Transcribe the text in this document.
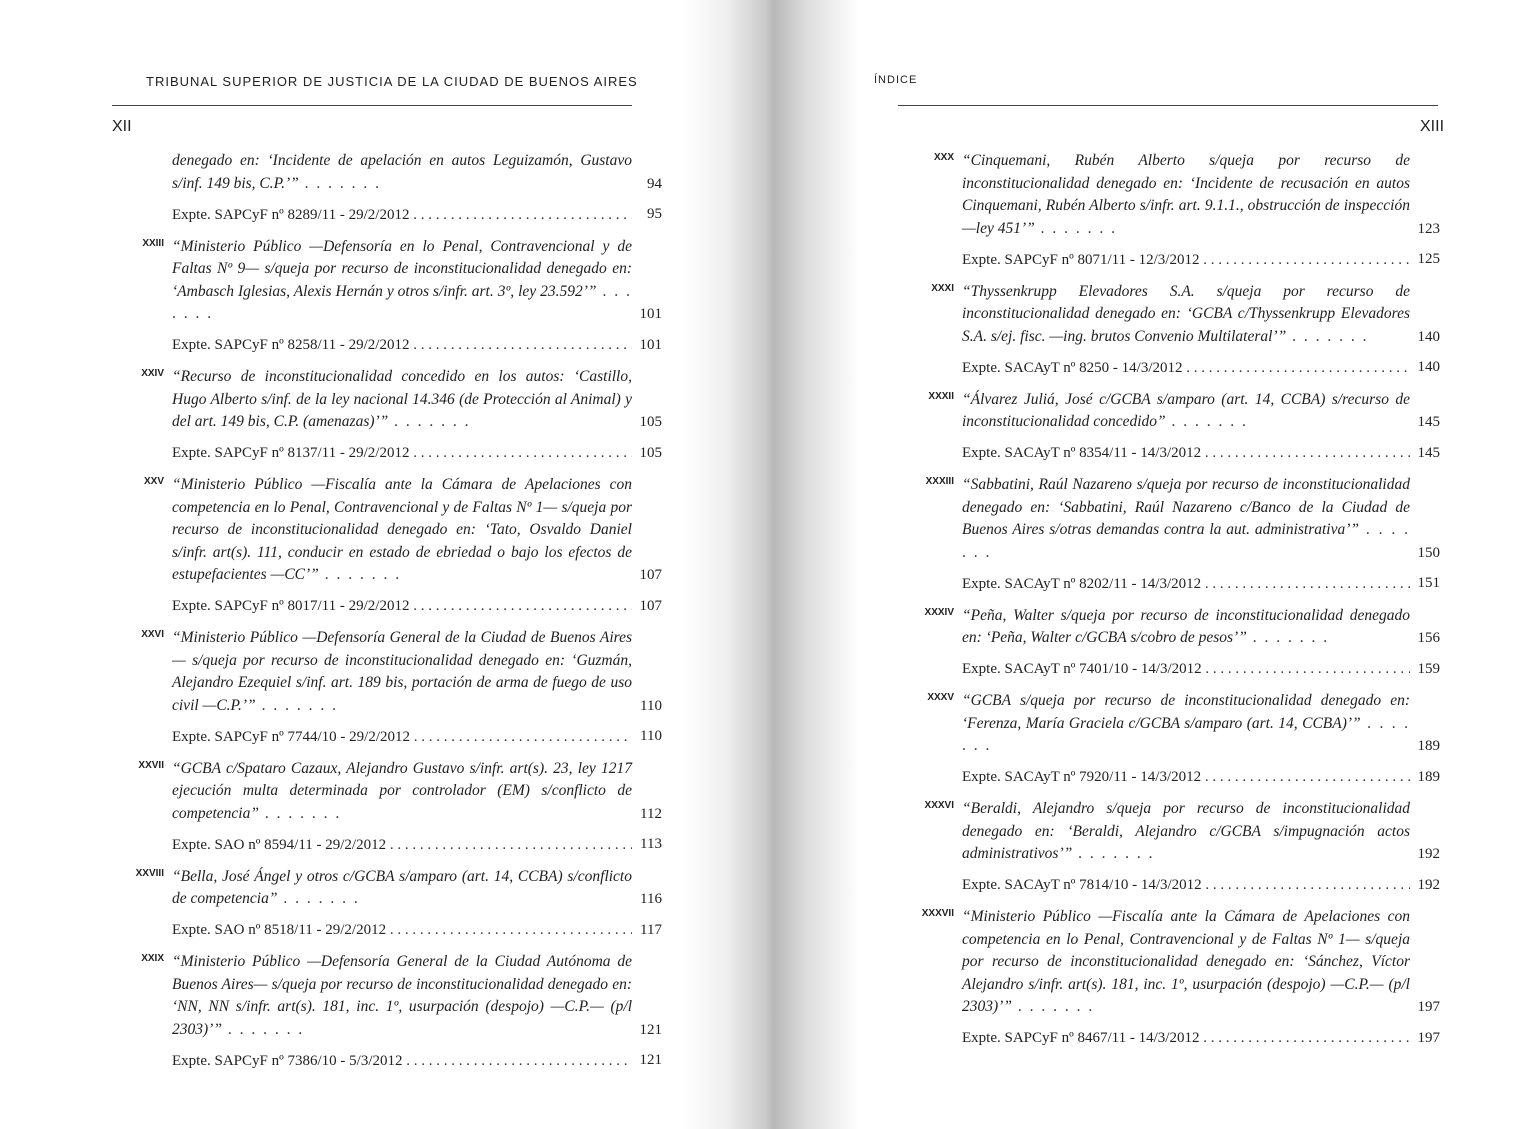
TRIBUNAL SUPERIOR DE JUSTICIA DE LA CIUDAD DE BUENOS AIRES
XII
denegado en: ‘Incidente de apelación en autos Leguizamón, Gustavo s/inf. 149 bis, C.P.’” . . . . . . .	94
Expte. SAPCyF nº 8289/11 - 29/2/2012 . . .	95
XXIII “Ministerio Público —Defensoría en lo Penal, Contravencional y de Faltas Nº 9— s/queja por recurso de inconstitucionalidad denegado en: ‘Ambasch Iglesias, Alexis Hernán y otros s/infr. art. 3º, ley 23.592’” . . . . . . .	101
Expte. SAPCyF nº 8258/11 - 29/2/2012 . . .	101
XXIV “Recurso de inconstitucionalidad concedido en los autos: ‘Castillo, Hugo Alberto s/inf. de la ley nacional 14.346 (de Protección al Animal) y del art. 149 bis, C.P. (amenazas)’” . . . . . . .	105
Expte. SAPCyF nº 8137/11 - 29/2/2012 . . .	105
XXV “Ministerio Público —Fiscalía ante la Cámara de Apelaciones con competencia en lo Penal, Contravencional y de Faltas Nº 1— s/queja por recurso de inconstitucionalidad denegado en: ‘Tato, Osvaldo Daniel s/infr. art(s). 111, conducir en estado de ebriedad o bajo los efectos de estupefacientes —CC’” . . . . . . .	107
Expte. SAPCyF nº 8017/11 - 29/2/2012 . . .	107
XXVI “Ministerio Público —Defensoría General de la Ciudad de Buenos Aires— s/queja por recurso de inconstitucionalidad denegado en: ‘Guzmán, Alejandro Ezequiel s/inf. art. 189 bis, portación de arma de fuego de uso civil —C.P.’” . . . . . . .	110
Expte. SAPCyF nº 7744/10 - 29/2/2012 . . .	110
XXVII “GCBA c/Spataro Cazaux, Alejandro Gustavo s/infr. art(s). 23, ley 1217 ejecución multa determinada por controlador (EM) s/conflicto de competencia” . . . . . . .	112
Expte. SAO nº 8594/11 - 29/2/2012 . . .	113
XXVIII “Bella, José Ángel y otros c/GCBA s/amparo (art. 14, CCBA) s/conflicto de competencia” . . . . . . .	116
Expte. SAO nº 8518/11 - 29/2/2012 . . .	117
XXIX “Ministerio Público —Defensoría General de la Ciudad Autónoma de Buenos Aires— s/queja por recurso de inconstitucionalidad denegado en: ‘NN, NN s/infr. art(s). 181, inc. 1º, usurpación (despojo) —C.P.— (p/l 2303)’” . . . . . . .	121
Expte. SAPCyF nº 7386/10 - 5/3/2012 . . .	121
ÍNDICE
XIII
XXX “Cinquemani, Rubén Alberto s/queja por recurso de inconstitucionalidad denegado en: ‘Incidente de recusación en autos Cinquemani, Rubén Alberto s/infr. art. 9.1.1., obstrucción de inspección —ley 451’” . . . . . . .	123
Expte. SAPCyF nº 8071/11 - 12/3/2012 . . .	125
XXXI “Thyssenkrupp Elevadores S.A. s/queja por recurso de inconstitucionalidad denegado en: ‘GCBA c/Thyssenkrupp Elevadores S.A. s/ej. fisc. —ing. brutos Convenio Multilateral’” . . . . . . .	140
Expte. SACAyT nº 8250 - 14/3/2012 . . .	140
XXXII “Álvarez Juliá, José c/GCBA s/amparo (art. 14, CCBA) s/recurso de inconstitucionalidad concedido” . . . . . . .	145
Expte. SACAyT nº 8354/11 - 14/3/2012 . . .	145
XXXIII “Sabbatini, Raúl Nazareno s/queja por recurso de inconstitucionalidad denegado en: ‘Sabbatini, Raúl Nazareno c/Banco de la Ciudad de Buenos Aires s/otras demandas contra la aut. administrativa’” . . . . . . .	150
Expte. SACAyT nº 8202/11 - 14/3/2012 . . .	151
XXXIV “Peña, Walter s/queja por recurso de inconstitucionalidad denegado en: ‘Peña, Walter c/GCBA s/cobro de pesos’” . . . . . . .	156
Expte. SACAyT nº 7401/10 - 14/3/2012 . . .	159
XXXV “GCBA s/queja por recurso de inconstitucionalidad denegado en: ‘Ferenza, María Graciela c/GCBA s/amparo (art. 14, CCBA)’” . . . . . . .	189
Expte. SACAyT nº 7920/11 - 14/3/2012 . . .	189
XXXVI “Beraldi, Alejandro s/queja por recurso de inconstitucionalidad denegado en: ‘Beraldi, Alejandro c/GCBA s/impugnación actos administrativos’” . . . . . . .	192
Expte. SACAyT nº 7814/10 - 14/3/2012 . . .	192
XXXVII “Ministerio Público —Fiscalía ante la Cámara de Apelaciones con competencia en lo Penal, Contravencional y de Faltas Nº 1— s/queja por recurso de inconstitucionalidad denegado en: ‘Sánchez, Víctor Alejandro s/infr. art(s). 181, inc. 1º, usurpación (despojo) —C.P.— (p/l 2303)’” . . . . . . .	197
Expte. SAPCyF nº 8467/11 - 14/3/2012 . . .	197
